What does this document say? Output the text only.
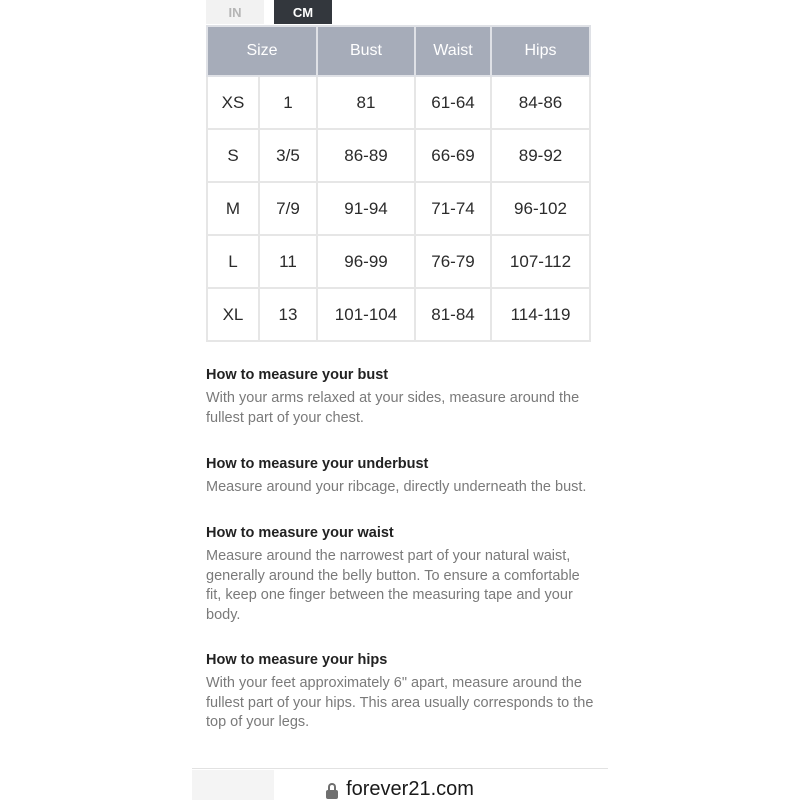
IN	CM
Size		Bust	Waist	Hips
XS	1	81	61-64	84-86
S	3/5	86-89	66-69	89-92
M	7/9	91-94	71-74	96-102
L	11	96-99	76-79	107-112
XL	13	101-104	81-84	114-119
How to measure your bust

With your arms relaxed at your sides, measure around the fullest part of your chest.

How to measure your underbust

Measure around your ribcage, directly underneath the bust.

How to measure your waist

Measure around the narrowest part of your natural waist, generally around the belly button. To ensure a comfortable fit, keep one finger between the measuring tape and your body.

How to measure your hips

With your feet approximately 6" apart, measure around the fullest part of your hips. This area usually corresponds to the top of your legs.

forever21.com
